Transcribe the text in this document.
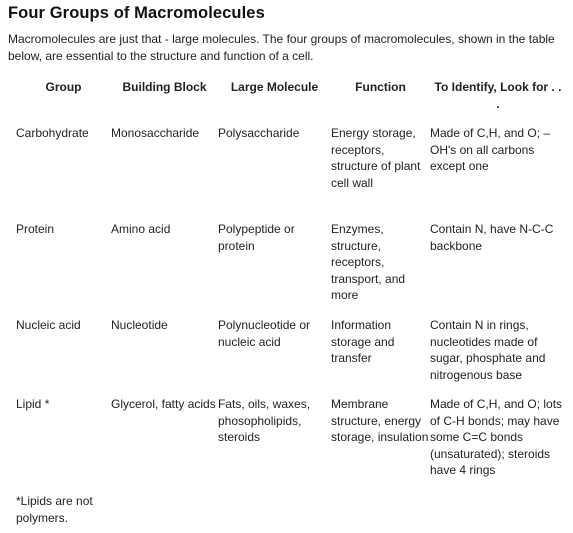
Four Groups of Macromolecules
Macromolecules are just that - large molecules. The four groups of macromolecules, shown in the table below, are essential to the structure and function of a cell.
Group	Building Block	Large Molecule	Function	To Identify, Look for . . .
Carbohydrate	Monosaccharide	Polysaccharide	Energy storage, receptors, structure of plant cell wall	Made of C,H, and O; –OH's on all carbons except one
Protein	Amino acid	Polypeptide or protein	Enzymes, structure, receptors, transport, and more	Contain N, have N-C-C backbone
Nucleic acid	Nucleotide	Polynucleotide or nucleic acid	Information storage and transfer	Contain N in rings, nucleotides made of sugar, phosphate and nitrogenous base
Lipid *	Glycerol, fatty acids	Fats, oils, waxes, phosopholipids, steroids	Membrane structure, energy storage, insulation	Made of C,H, and O; lots of C-H bonds; may have some C=C bonds (unsaturated); steroids have 4 rings
*Lipids are not polymers.
